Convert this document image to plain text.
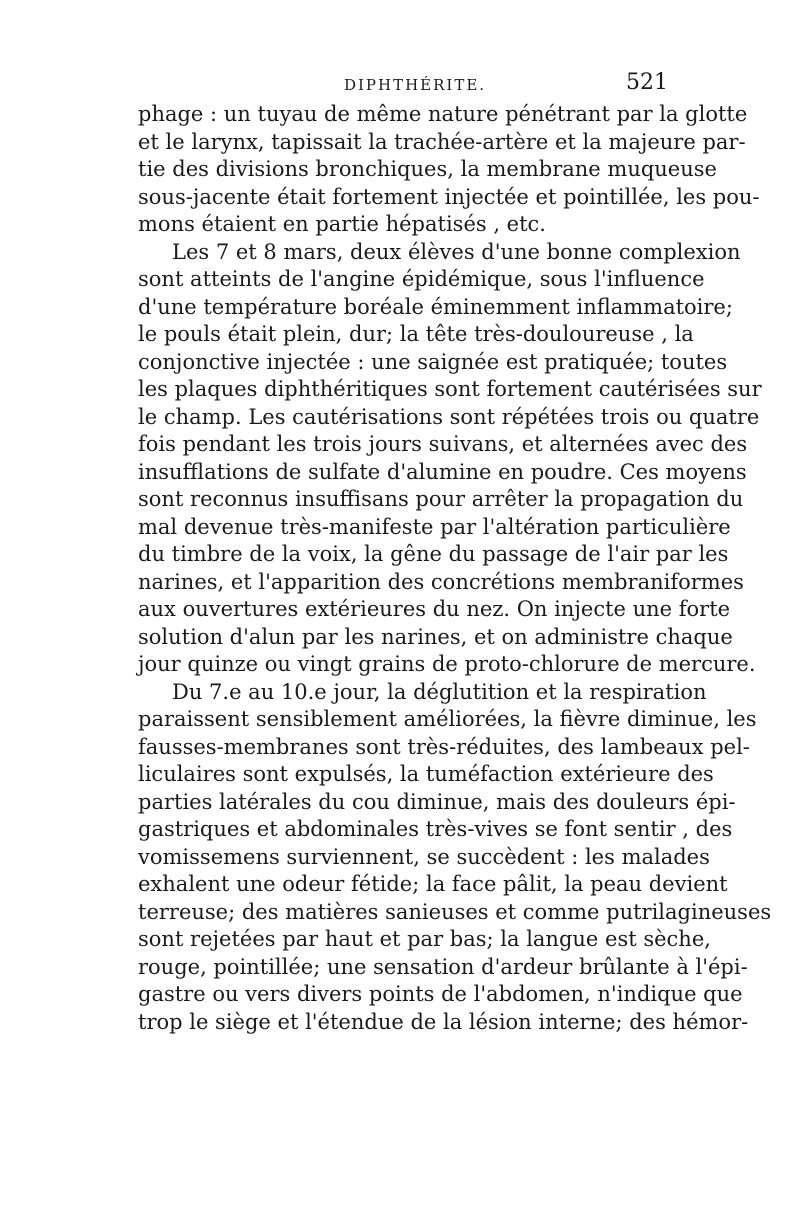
DIPHTHÉRITE.	521
phage : un tuyau de même nature pénétrant par la glotte
et le larynx, tapissait la trachée-artère et la majeure par-
tie des divisions bronchiques, la membrane muqueuse
sous-jacente était fortement injectée et pointillée, les pou-
mons étaient en partie hépatisés , etc.
Les 7 et 8 mars, deux élèves d'une bonne complexion
sont atteints de l'angine épidémique, sous l'influence
d'une température boréale éminemment inflammatoire;
le pouls était plein, dur; la tête très-douloureuse , la
conjonctive injectée : une saignée est pratiquée; toutes
les plaques diphthéritiques sont fortement cautérisées sur
le champ. Les cautérisations sont répétées trois ou quatre
fois pendant les trois jours suivans, et alternées avec des
insufflations de sulfate d'alumine en poudre. Ces moyens
sont reconnus insuffisans pour arrêter la propagation du
mal devenue très-manifeste par l'altération particulière
du timbre de la voix, la gêne du passage de l'air par les
narines, et l'apparition des concrétions membraniformes
aux ouvertures extérieures du nez. On injecte une forte
solution d'alun par les narines, et on administre chaque
jour quinze ou vingt grains de proto-chlorure de mercure.
Du 7.e au 10.e jour, la déglutition et la respiration
paraissent sensiblement améliorées, la fièvre diminue, les
fausses-membranes sont très-réduites, des lambeaux pel-
liculaires sont expulsés, la tuméfaction extérieure des
parties latérales du cou diminue, mais des douleurs épi-
gastriques et abdominales très-vives se font sentir , des
vomissemens surviennent, se succèdent : les malades
exhalent une odeur fétide; la face pâlit, la peau devient
terreuse; des matières sanieuses et comme putrilagineuses
sont rejetées par haut et par bas; la langue est sèche,
rouge, pointillée; une sensation d'ardeur brûlante à l'épi-
gastre ou vers divers points de l'abdomen, n'indique que
trop le siège et l'étendue de la lésion interne; des hémor-
